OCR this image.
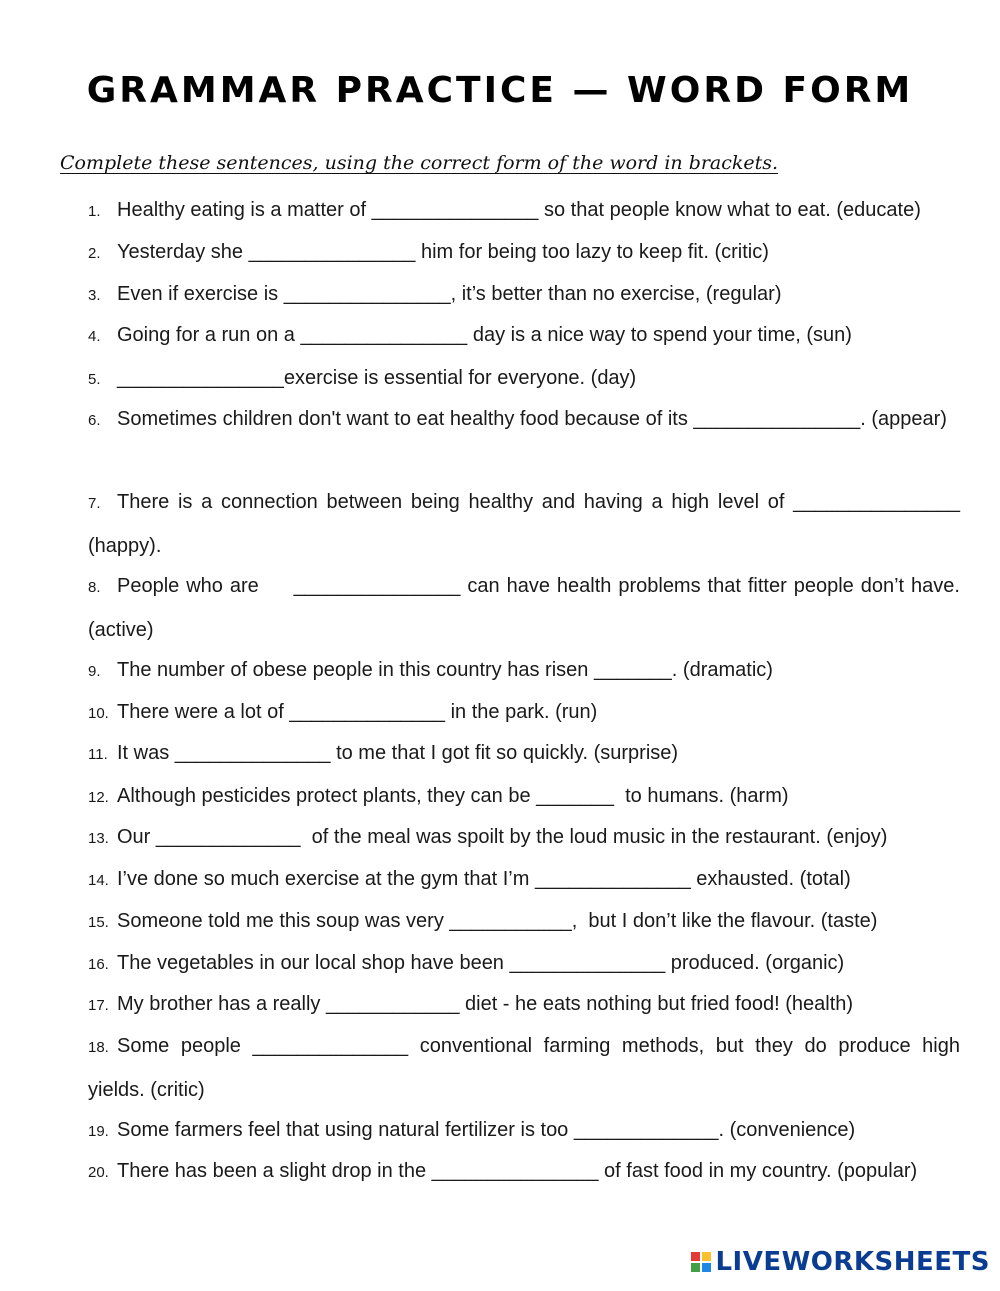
GRAMMAR PRACTICE — WORD FORM
Complete these sentences, using the correct form of the word in brackets.
1. Healthy eating is a matter of _______________ so that people know what to eat. (educate)
2. Yesterday she _______________ him for being too lazy to keep fit. (critic)
3. Even if exercise is _______________, it’s better than no exercise, (regular)
4. Going for a run on a _______________ day is a nice way to spend your time, (sun)
5. _______________exercise is essential for everyone. (day)
6. Sometimes children don't want to eat healthy food because of its _______________. (appear)
7. There is a connection between being healthy and having a high level of _______________ (happy).
8. People who are     _______________ can have health problems that fitter people don’t have. (active)
9. The number of obese people in this country has risen _______. (dramatic)
10. There were a lot of ______________ in the park. (run)
11. It was ______________ to me that I got fit so quickly. (surprise)
12. Although pesticides protect plants, they can be _______  to humans. (harm)
13. Our _____________  of the meal was spoilt by the loud music in the restaurant. (enjoy)
14. I’ve done so much exercise at the gym that I’m ______________ exhausted. (total)
15. Someone told me this soup was very ___________,  but I don’t like the flavour. (taste)
16. The vegetables in our local shop have been ______________ produced. (organic)
17. My brother has a really ____________ diet - he eats nothing but fried food! (health)
18. Some people ______________ conventional farming methods, but they do produce high yields. (critic)
19. Some farmers feel that using natural fertilizer is too _____________. (convenience)
20. There has been a slight drop in the _______________ of fast food in my country. (popular)
LIVEWORKSHEETS
